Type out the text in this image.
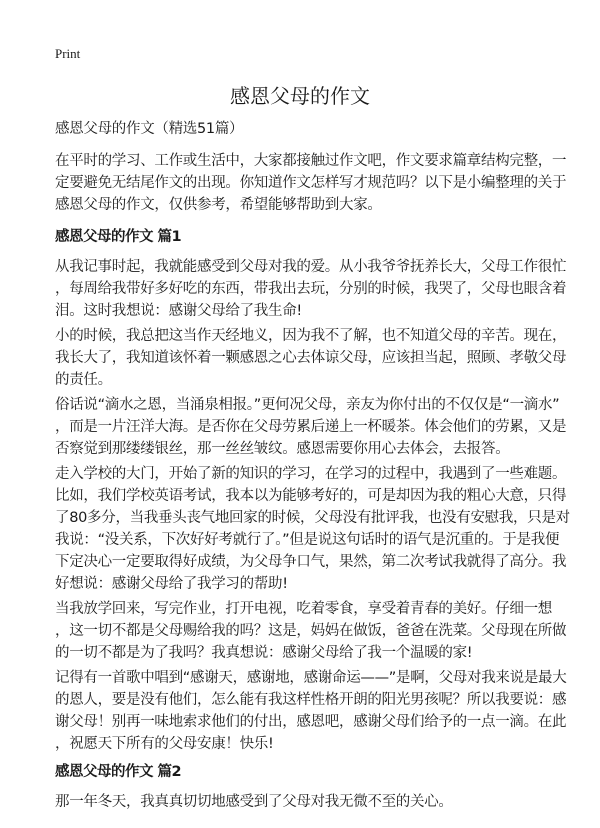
Print
感恩父母的作文
感恩父母的作文（精选51篇）
在平时的学习、工作或生活中，大家都接触过作文吧，作文要求篇章结构完整，一
定要避免无结尾作文的出现。你知道作文怎样写才规范吗？以下是小编整理的关于
感恩父母的作文，仅供参考，希望能够帮助到大家。
感恩父母的作文 篇1
从我记事时起，我就能感受到父母对我的爱。从小我爷爷抚养长大，父母工作很忙
，每周给我带好多好吃的东西，带我出去玩，分别的时候，我哭了，父母也眼含着
泪。这时我想说：感谢父母给了我生命!
小的时候，我总把这当作天经地义，因为我不了解，也不知道父母的辛苦。现在，
我长大了，我知道该怀着一颗感恩之心去体谅父母，应该担当起，照顾、孝敬父母
的责任。
俗话说“滴水之恩，当涌泉相报。”更何况父母，亲友为你付出的不仅仅是“一滴水”
，而是一片汪洋大海。是否你在父母劳累后递上一杯暖茶。体会他们的劳累，又是
否察觉到那缕缕银丝，那一丝丝皱纹。感恩需要你用心去体会，去报答。
走入学校的大门，开始了新的知识的学习，在学习的过程中，我遇到了一些难题。
比如，我们学校英语考试，我本以为能够考好的，可是却因为我的粗心大意，只得
了80多分，当我垂头丧气地回家的时候，父母没有批评我，也没有安慰我，只是对
我说：“没关系，下次好好考就行了。”但是说这句话时的语气是沉重的。于是我便
下定决心一定要取得好成绩，为父母争口气，果然，第二次考试我就得了高分。我
好想说：感谢父母给了我学习的帮助!
当我放学回来，写完作业，打开电视，吃着零食，享受着青春的美好。仔细一想
，这一切不都是父母赐给我的吗？这是，妈妈在做饭，爸爸在洗菜。父母现在所做
的一切不都是为了我吗？我真想说：感谢父母给了我一个温暖的家!
记得有一首歌中唱到“感谢天，感谢地，感谢命运——”是啊，父母对我来说是最大
的恩人，要是没有他们，怎么能有我这样性格开朗的阳光男孩呢？所以我要说：感
谢父母！别再一味地索求他们的付出，感恩吧，感谢父母们给予的一点一滴。在此
，祝愿天下所有的父母安康！快乐!
感恩父母的作文 篇2
那一年冬天，我真真切切地感受到了父母对我无微不至的关心。
